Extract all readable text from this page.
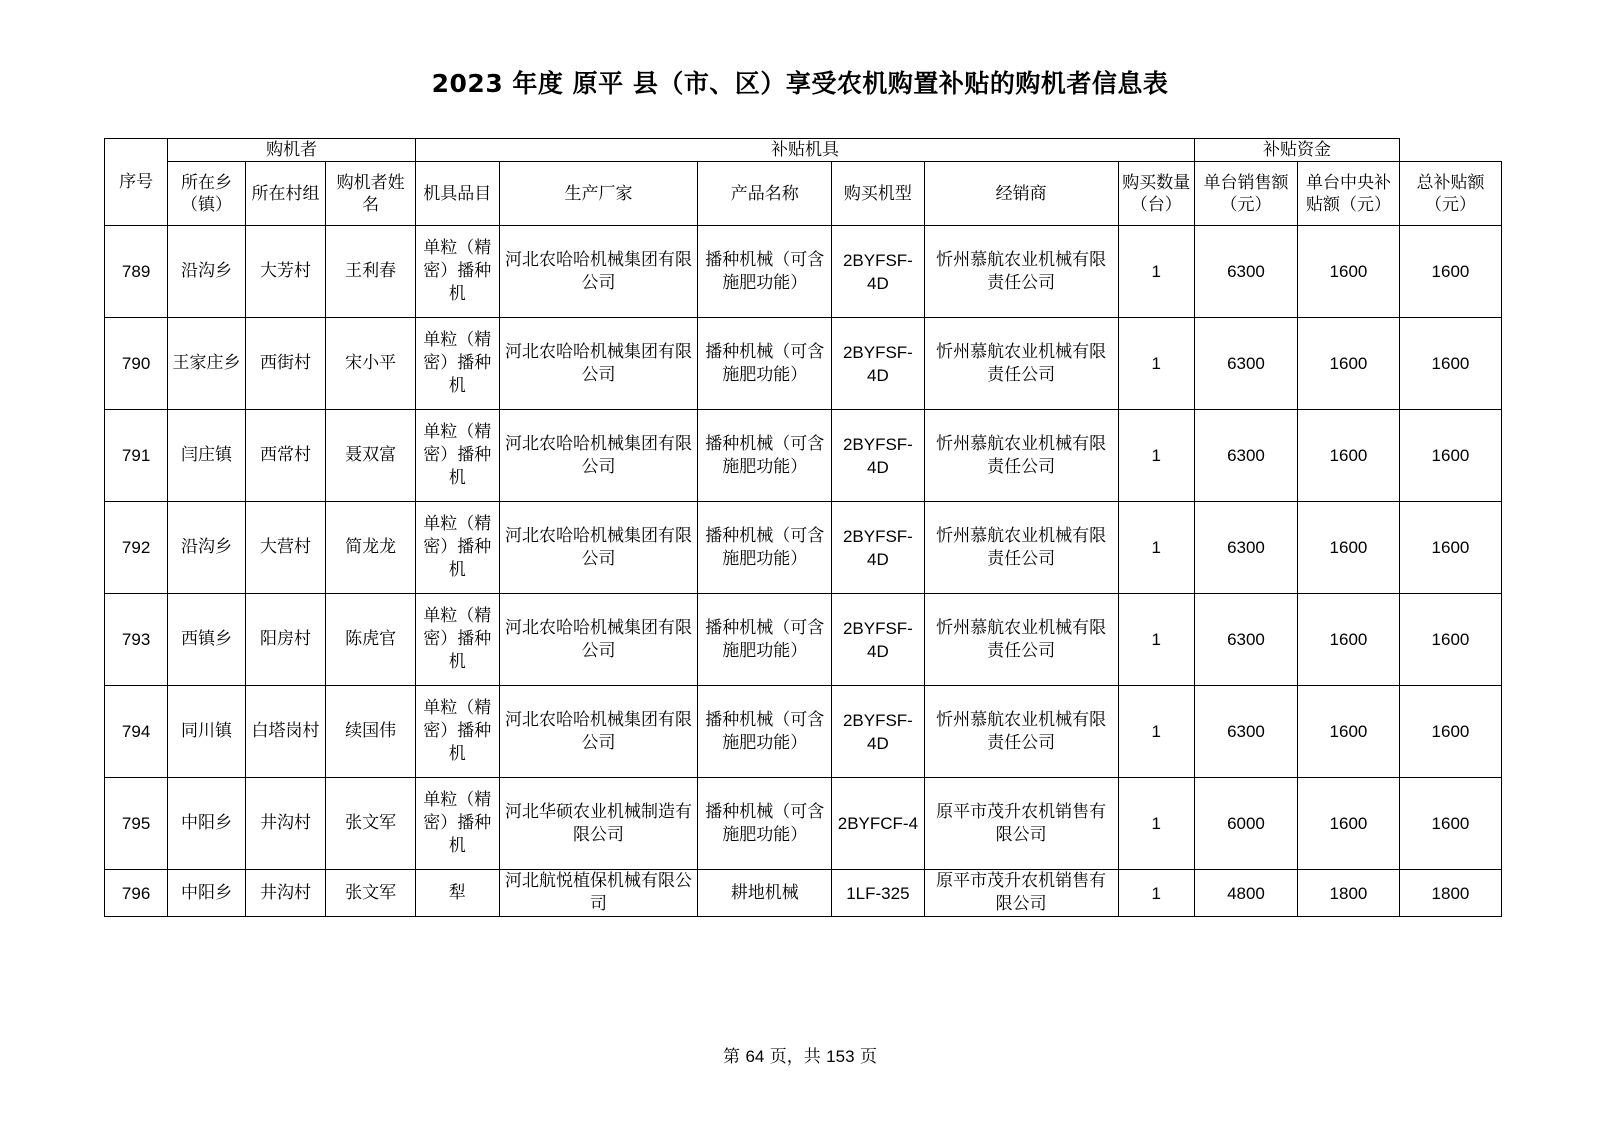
2023 年度 原平 县（市、区）享受农机购置补贴的购机者信息表
序号	购机者			补贴机具						补贴资金		
	所在乡（镇）	所在村组	购机者姓名	机具品目	生产厂家	产品名称	购买机型	经销商	购买数量（台）	单台销售额（元）	单台中央补贴额（元）	总补贴额（元）
789	沿沟乡	大芳村	王利春	单粒（精密）播种机	河北农哈哈机械集团有限公司	播种机械（可含施肥功能）	2BYFSF-4D	忻州慕航农业机械有限责任公司	1	6300	1600	1600
790	王家庄乡	西街村	宋小平	单粒（精密）播种机	河北农哈哈机械集团有限公司	播种机械（可含施肥功能）	2BYFSF-4D	忻州慕航农业机械有限责任公司	1	6300	1600	1600
791	闫庄镇	西常村	聂双富	单粒（精密）播种机	河北农哈哈机械集团有限公司	播种机械（可含施肥功能）	2BYFSF-4D	忻州慕航农业机械有限责任公司	1	6300	1600	1600
792	沿沟乡	大营村	简龙龙	单粒（精密）播种机	河北农哈哈机械集团有限公司	播种机械（可含施肥功能）	2BYFSF-4D	忻州慕航农业机械有限责任公司	1	6300	1600	1600
793	西镇乡	阳房村	陈虎官	单粒（精密）播种机	河北农哈哈机械集团有限公司	播种机械（可含施肥功能）	2BYFSF-4D	忻州慕航农业机械有限责任公司	1	6300	1600	1600
794	同川镇	白塔岗村	续国伟	单粒（精密）播种机	河北农哈哈机械集团有限公司	播种机械（可含施肥功能）	2BYFSF-4D	忻州慕航农业机械有限责任公司	1	6300	1600	1600
795	中阳乡	井沟村	张文军	单粒（精密）播种机	河北华硕农业机械制造有限公司	播种机械（可含施肥功能）	2BYFCF-4	原平市茂升农机销售有限公司	1	6000	1600	1600
796	中阳乡	井沟村	张文军	犁	河北航悦植保机械有限公司	耕地机械	1LF-325	原平市茂升农机销售有限公司	1	4800	1800	1800
第 64 页，共 153 页
